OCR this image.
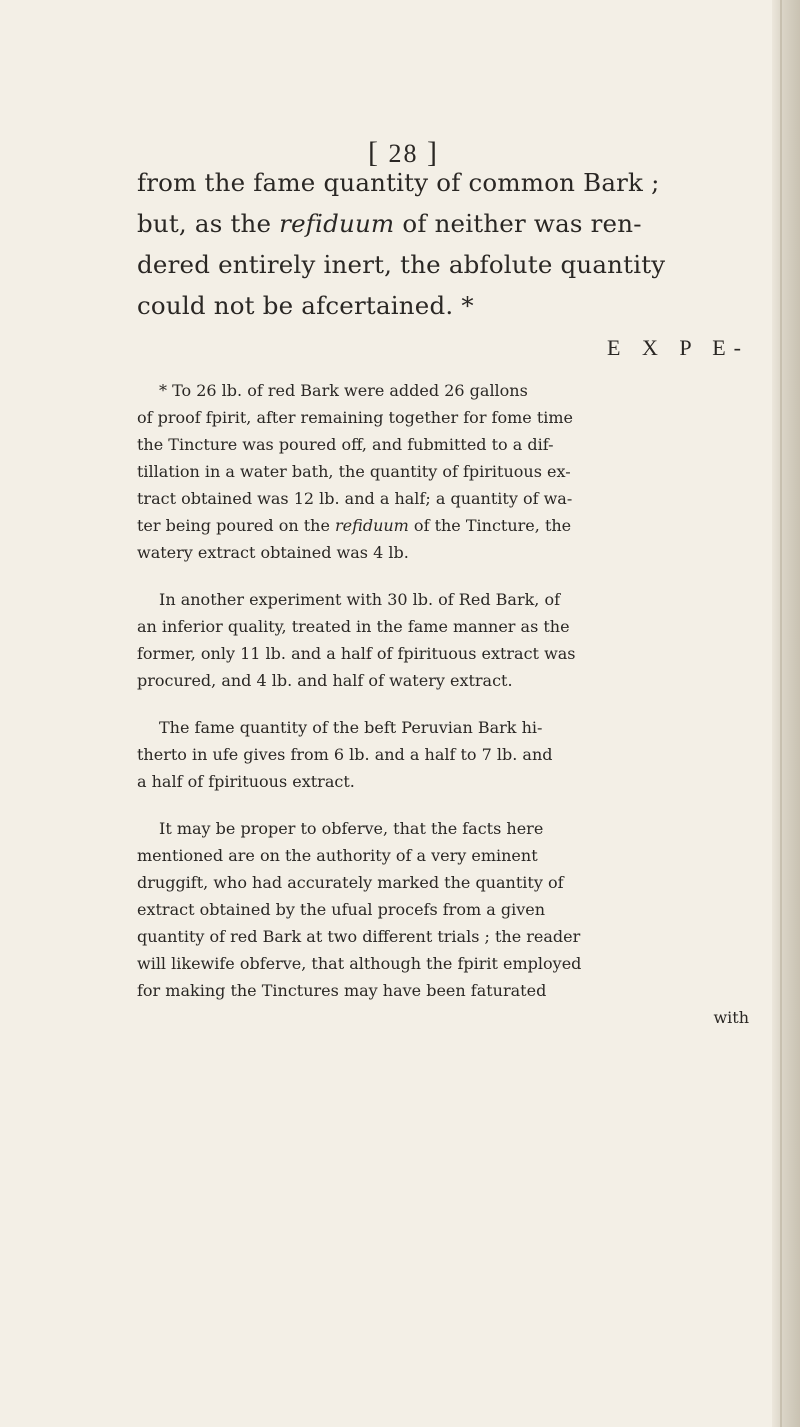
[ 28 ]
from the fame quantity of common Bark ;
but, as the refiduum of neither was ren-
dered entirely inert, the abfolute quantity
could not be afcertained. *
E X P E-
* To 26 lb. of red Bark were added 26 gallons
of proof fpirit, after remaining together for fome time
the Tincture was poured off, and fubmitted to a dif-
tillation in a water bath, the quantity of fpirituous ex-
tract obtained was 12 lb. and a half; a quantity of wa-
ter being poured on the refiduum of the Tincture, the
watery extract obtained was 4 lb.
In another experiment with 30 lb. of Red Bark, of
an inferior quality, treated in the fame manner as the
former, only 11 lb. and a half of fpirituous extract was
procured, and 4 lb. and half of watery extract.
The fame quantity of the beft Peruvian Bark hi-
therto in ufe gives from 6 lb. and a half to 7 lb. and
a half of fpirituous extract.
It may be proper to obferve, that the facts here
mentioned are on the authority of a very eminent
druggift, who had accurately marked the quantity of
extract obtained by the ufual procefs from a given
quantity of red Bark at two different trials ; the reader
will likewife obferve, that although the fpirit employed
for making the Tinctures may have been faturated
with
